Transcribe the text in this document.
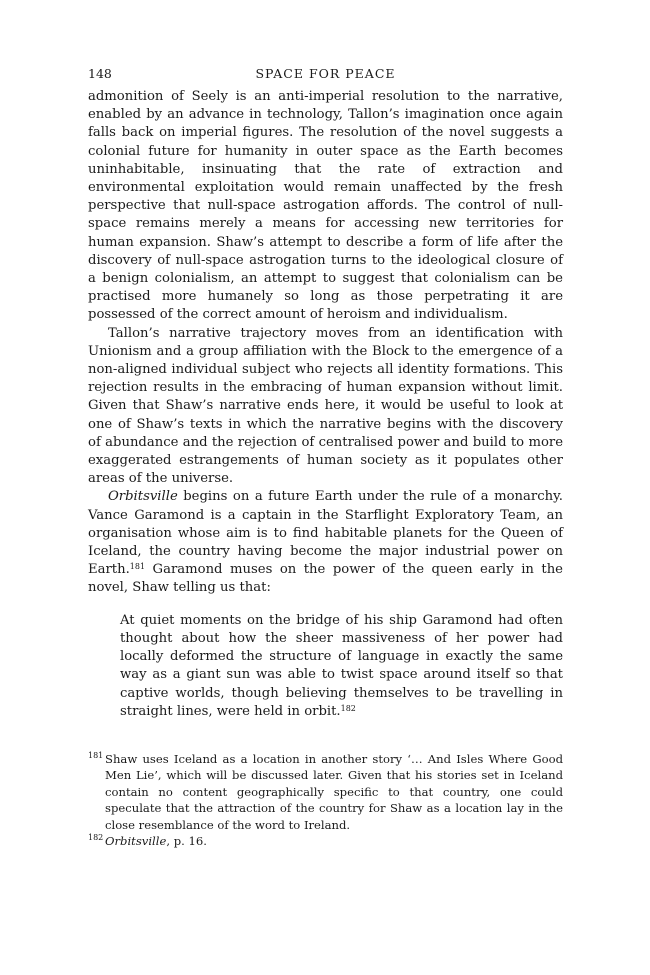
148	SPACE FOR PEACE

admonition of Seely is an anti-imperial resolution to the narrative, enabled by an advance in technology, Tallon’s imagination once again falls back on imperial figures. The resolution of the novel suggests a colonial future for humanity in outer space as the Earth becomes uninhabitable, insinuating that the rate of extraction and environmental exploitation would remain unaffected by the fresh perspective that null-space astrogation affords. The control of null-space remains merely a means for accessing new territories for human expansion. Shaw’s attempt to describe a form of life after the discovery of null-space astrogation turns to the ideological closure of a benign colonialism, an attempt to suggest that colonialism can be practised more humanely so long as those perpetrating it are possessed of the correct amount of heroism and individualism.

Tallon’s narrative trajectory moves from an identification with Unionism and a group affiliation with the Block to the emergence of a non-aligned individual subject who rejects all identity formations. This rejection results in the embracing of human expansion without limit. Given that Shaw’s narrative ends here, it would be useful to look at one of Shaw’s texts in which the narrative begins with the discovery of abundance and the rejection of centralised power and build to more exaggerated estrangements of human society as it populates other areas of the universe.

Orbitsville begins on a future Earth under the rule of a monarchy. Vance Garamond is a captain in the Starflight Exploratory Team, an organisation whose aim is to find habitable planets for the Queen of Iceland, the country having become the major industrial power on Earth.$^{181}$ Garamond muses on the power of the queen early in the novel, Shaw telling us that:

At quiet moments on the bridge of his ship Garamond had often thought about how the sheer massiveness of her power had locally deformed the structure of language in exactly the same way as a giant sun was able to twist space around itself so that captive worlds, though believing themselves to be travelling in straight lines, were held in orbit.$^{182}$
181 Shaw uses Iceland as a location in another story ‘… And Isles Where Good Men Lie’, which will be discussed later. Given that his stories set in Iceland contain no content geographically specific to that country, one could speculate that the attraction of the country for Shaw as a location lay in the close resemblance of the word to Ireland.
182 Orbitsville, p. 16.
